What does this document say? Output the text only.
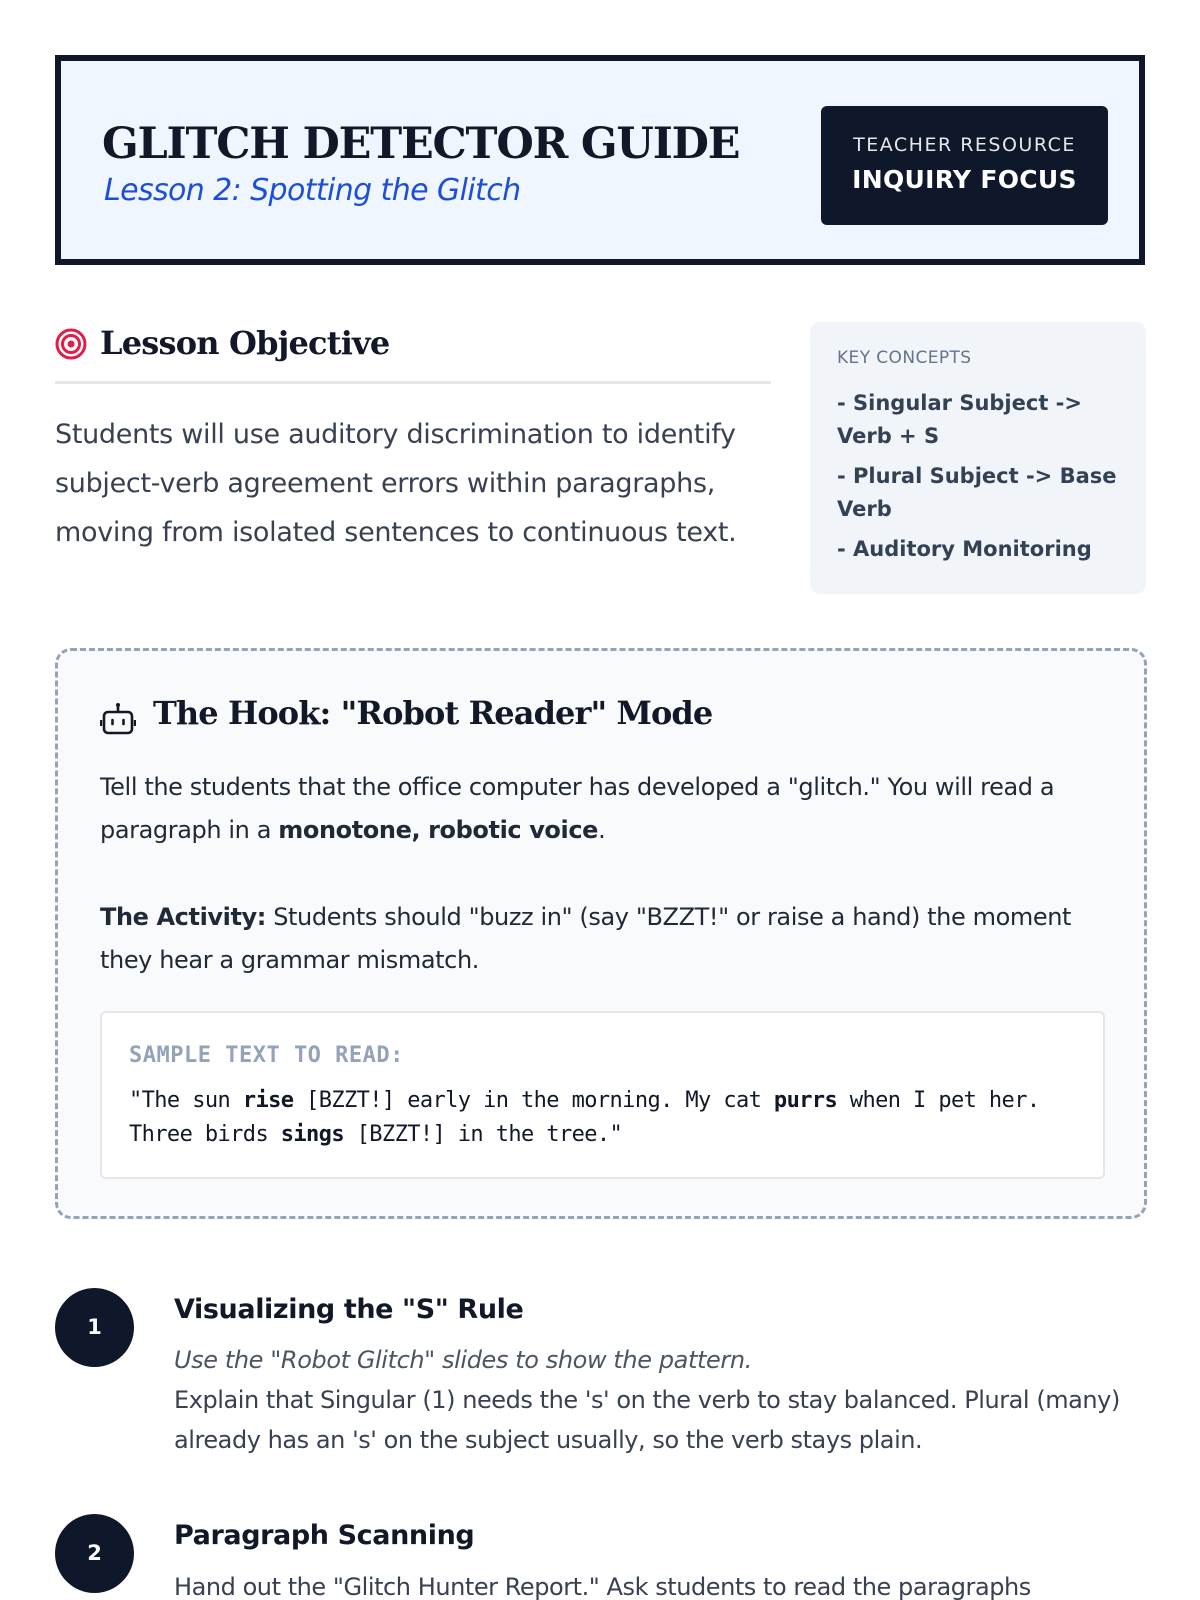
GLITCH DETECTOR GUIDE
Lesson 2: Spotting the Glitch
TEACHER RESOURCE
INQUIRY FOCUS
Lesson Objective
Students will use auditory discrimination to identify subject-verb agreement errors within paragraphs, moving from isolated sentences to continuous text.
KEY CONCEPTS
- Singular Subject -> Verb + S
- Plural Subject -> Base Verb
- Auditory Monitoring
The Hook: "Robot Reader" Mode
Tell the students that the office computer has developed a "glitch." You will read a paragraph in a monotone, robotic voice.
The Activity: Students should "buzz in" (say "BZZT!" or raise a hand) the moment they hear a grammar mismatch.
SAMPLE TEXT TO READ:
"The sun rise [BZZT!] early in the morning. My cat purrs when I pet her. Three birds sings [BZZT!] in the tree."
1
Visualizing the "S" Rule
Use the "Robot Glitch" slides to show the pattern.
Explain that Singular (1) needs the 's' on the verb to stay balanced. Plural (many) already has an 's' on the subject usually, so the verb stays plain.
2
Paragraph Scanning
Hand out the "Glitch Hunter Report." Ask students to read the paragraphs
